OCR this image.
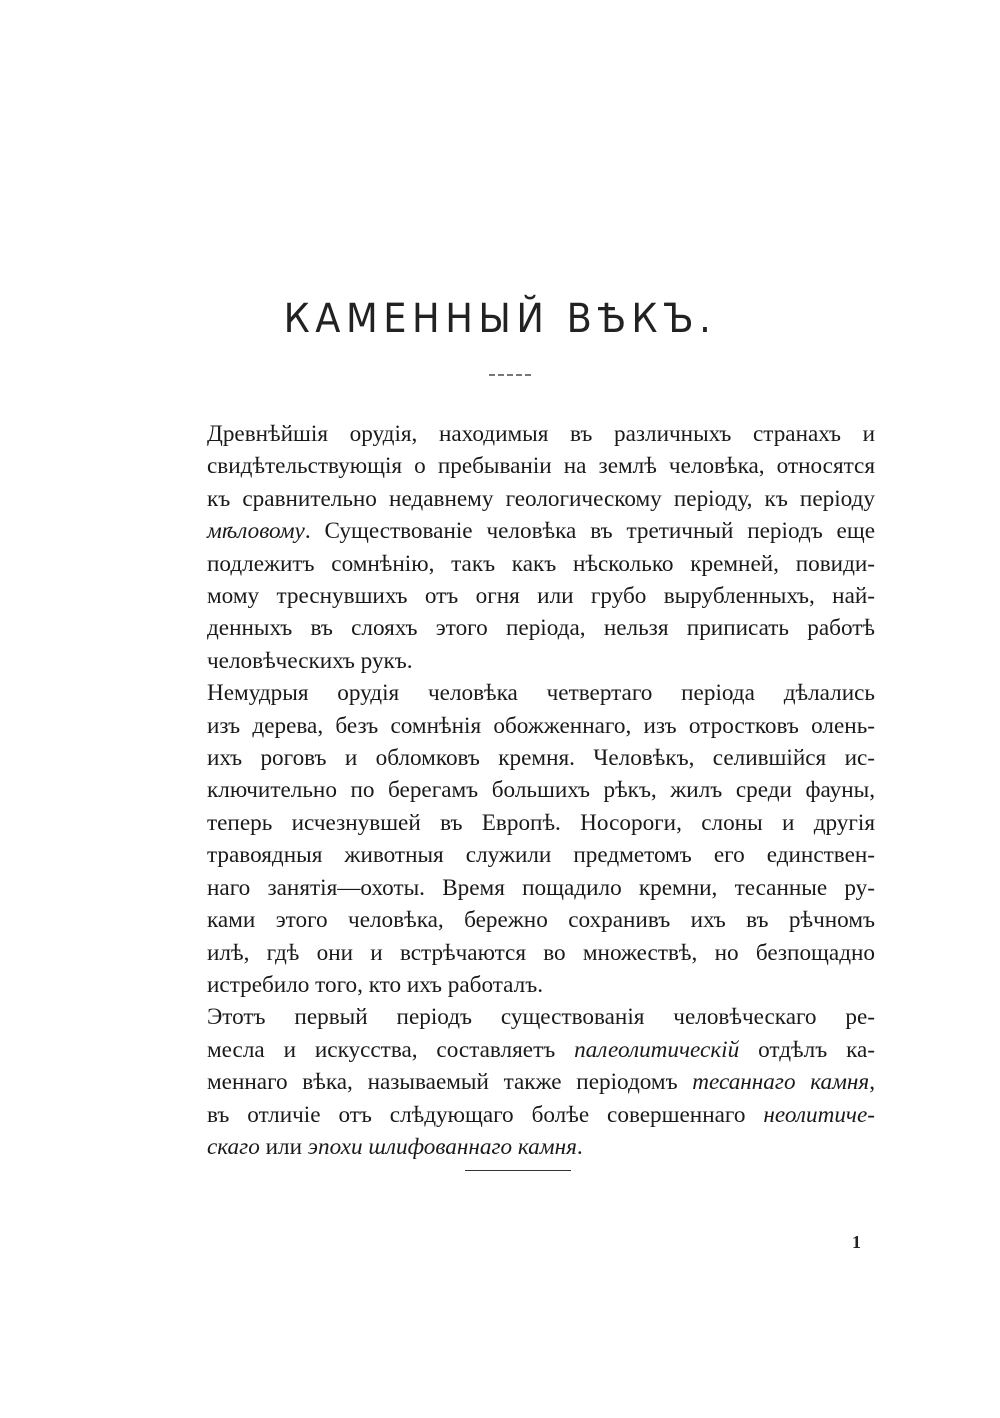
КАМЕННЫЙ ВѢКЪ.
Древнѣйшія орудія, находимыя въ различныхъ странахъ и
свидѣтельствующія о пребываніи на землѣ человѣка, относятся
къ сравнительно недавнему геологическому періоду, къ періоду
мѣловому. Существованіе человѣка въ третичный періодъ еще
подлежитъ сомнѣнію, такъ какъ нѣсколько кремней, повиди-
мому треснувшихъ отъ огня или грубо вырубленныхъ, най-
денныхъ въ слояхъ этого періода, нельзя приписать работѣ
человѣческихъ рукъ.
Немудрыя орудія человѣка четвертаго періода дѣлались
изъ дерева, безъ сомнѣнія обожженнаго, изъ отростковъ олень-
ихъ роговъ и обломковъ кремня. Человѣкъ, селившійся ис-
ключительно по берегамъ большихъ рѣкъ, жилъ среди фауны,
теперь исчезнувшей въ Европѣ. Носороги, слоны и другія
травоядныя животныя служили предметомъ его единствен-
наго занятія—охоты. Время пощадило кремни, тесанные ру-
ками этого человѣка, бережно сохранивъ ихъ въ рѣчномъ
илѣ, гдѣ они и встрѣчаются во множествѣ, но безпощадно
истребило того, кто ихъ работалъ.
Этотъ первый періодъ существованія человѣческаго ре-
месла и искусства, составляетъ палеолитическій отдѣлъ ка-
меннаго вѣка, называемый также періодомъ тесаннаго камня,
въ отличіе отъ слѣдующаго болѣе совершеннаго неолитиче-
скаго или эпохи шлифованнаго камня.
1
